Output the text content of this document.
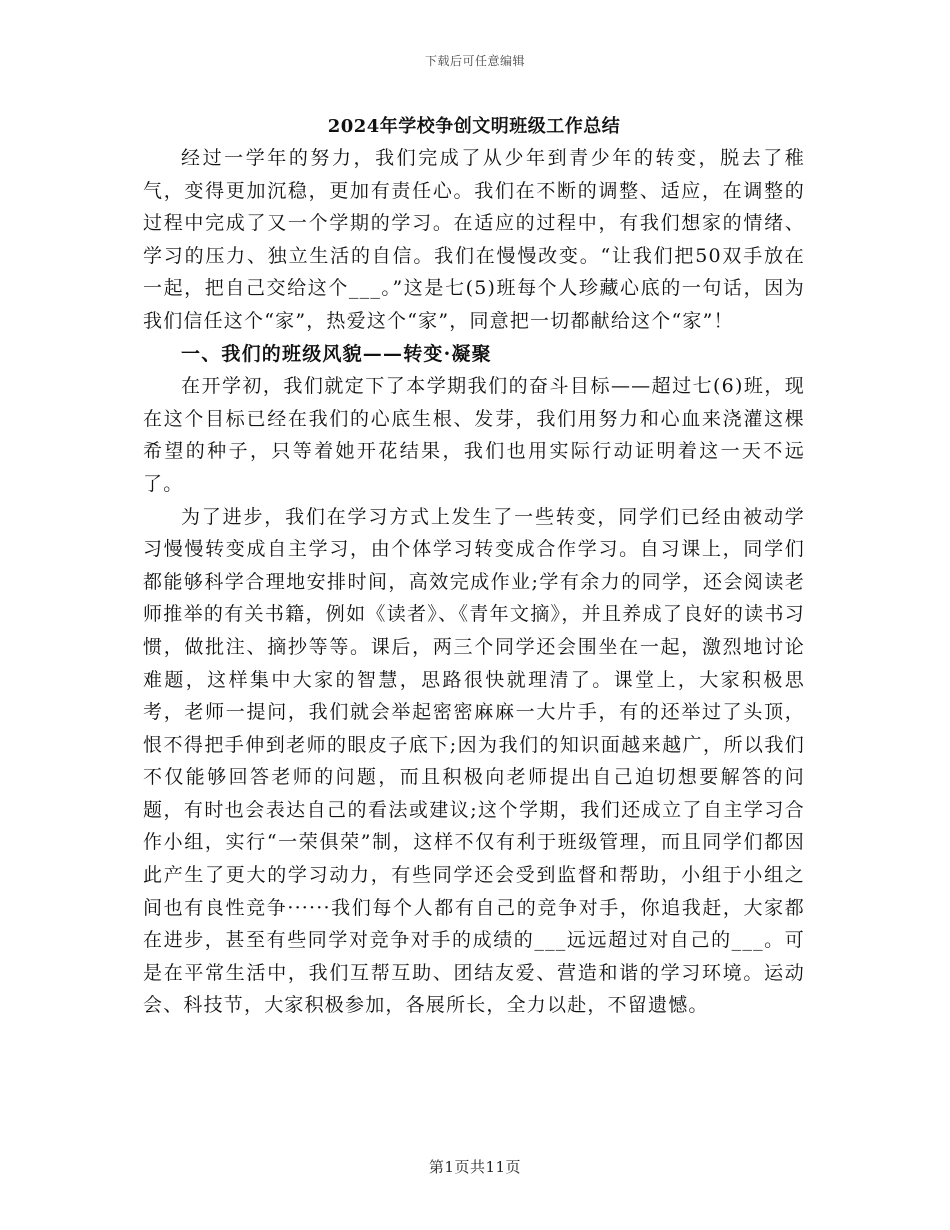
下载后可任意编辑
2024年学校争创文明班级工作总结

经过一学年的努力，我们完成了从少年到青少年的转变，脱去了稚气，变得更加沉稳，更加有责任心。我们在不断的调整、适应，在调整的过程中完成了又一个学期的学习。在适应的过程中，有我们想家的情绪、学习的压力、独立生活的自信。我们在慢慢改变。“让我们把50双手放在一起，把自己交给这个___。”这是七(5)班每个人珍藏心底的一句话，因为我们信任这个“家”，热爱这个“家”，同意把一切都献给这个“家”！

一、我们的班级风貌——转变·凝聚

在开学初，我们就定下了本学期我们的奋斗目标——超过七(6)班，现在这个目标已经在我们的心底生根、发芽，我们用努力和心血来浇灌这棵希望的种子，只等着她开花结果，我们也用实际行动证明着这一天不远了。

为了进步，我们在学习方式上发生了一些转变，同学们已经由被动学习慢慢转变成自主学习，由个体学习转变成合作学习。自习课上，同学们都能够科学合理地安排时间，高效完成作业;学有余力的同学，还会阅读老师推举的有关书籍，例如《读者》、《青年文摘》，并且养成了良好的读书习惯，做批注、摘抄等等。课后，两三个同学还会围坐在一起，激烈地讨论难题，这样集中大家的智慧，思路很快就理清了。课堂上，大家积极思考，老师一提问，我们就会举起密密麻麻一大片手，有的还举过了头顶，恨不得把手伸到老师的眼皮子底下;因为我们的知识面越来越广，所以我们不仅能够回答老师的问题，而且积极向老师提出自己迫切想要解答的问题，有时也会表达自己的看法或建议;这个学期，我们还成立了自主学习合作小组，实行“一荣俱荣”制，这样不仅有利于班级管理，而且同学们都因此产生了更大的学习动力，有些同学还会受到监督和帮助，小组于小组之间也有良性竞争······我们每个人都有自己的竞争对手，你追我赶，大家都在进步，甚至有些同学对竞争对手的成绩的___远远超过对自己的___。可是在平常生活中，我们互帮互助、团结友爱、营造和谐的学习环境。运动会、科技节，大家积极参加，各展所长，全力以赴，不留遗憾。

第1页共11页
